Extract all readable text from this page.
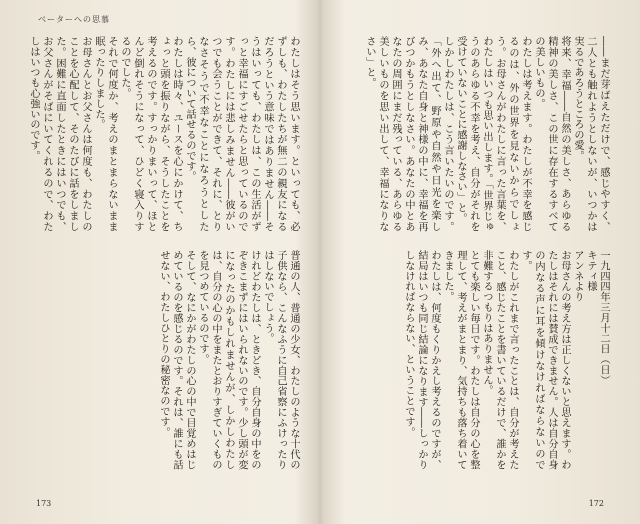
ベーターへの思慕

わたしはそう思います。といっても、必ずしも、わたしたちが無二の親友になるだろうという意味ではありません――そうはいっても、わたしは、この生活がずっと幸福にすごせたらと思っているのです。わたしには悲しみません――彼がいつでも会うことができて、それに、とりなさそうで不幸なことになろうとしたら、彼について話せるのです。
わたしは時々、ユースを心にかけて、ちょっと頭を振りながら、そうしたことを考えるのです。すっかりまいって、ほとんど倒れそうになって、ひどく寝入りするのでした。
それで何度か、考えのまとまらないまま眠ったりしました。
お母さんとお父さんは何度も、わたしのことを心配して、そのたびに話をしました。困難に直面したときにはいつでも、お父さんがそばにいてくれるので、わたしはいつも心強いのです。

普通の人、普通の少女、わたしのような十代の子供なら、こんなふうに自己省察にふけったりはしないでしょう。
けれどわたしは、ときどき、自分自身の中をのぞきこまずにはいられないのです。少し頭が変になったのかもしれませんが、しかしわたしは、自分の心の中をまたとおりすぎていくものを見つめているのです。
そして、なにかがわたしの心の中で目覚めはじめているのを感じるのです。それは、誰にも話せない、わたしひとりの秘密なのです。

173

――まだ芽ばえただけで、感じやすく、二人とも触れようとしないが、いつかは実るであろうところの愛。
将来、幸福――自然の美しさ、あらゆる精神の美しさ、この世に存在するすべての美しいもの。
わたしは考えます。わたしが不幸を感じるのは、外の世界を見ないからでしょう。お母さんがわたしに言った言葉を、わたしはいつも思い出します。「世界じゅうのあらゆる不幸を考え、自分がそれを受けていないことに感謝しなさい」と。
しかしわたしは、こう言いたいのです。「外へ出て、野原や自然や日光を楽しみ、あなた自身と神様の中に、幸福を再びつかもうとしなさい。あなたの中とあなたの周囲にまだ残っている、あらゆる美しいものを思い出して、幸福になりなさい」と。

一九四四年三月十二日（日）
キティ様
アンネより
お母さんの考え方は正しくないと思えます。わたしはそれには賛成できません。人は自分自身の内なる声に耳を傾けなければならないのです。
わたしがこれまで言ったことは、自分が考えたこと、感じたことを書いているだけで、誰かを非難するつもりはありません。
とても楽しい毎日です。わたしは自分の心を整理して、考えがまとまり、気持ちも落ち着いてきました。
わたしは、何度もくりかえし考えるのですが、結局はいつも同じ結論になります――しっかりしなければならない、ということです。

172
